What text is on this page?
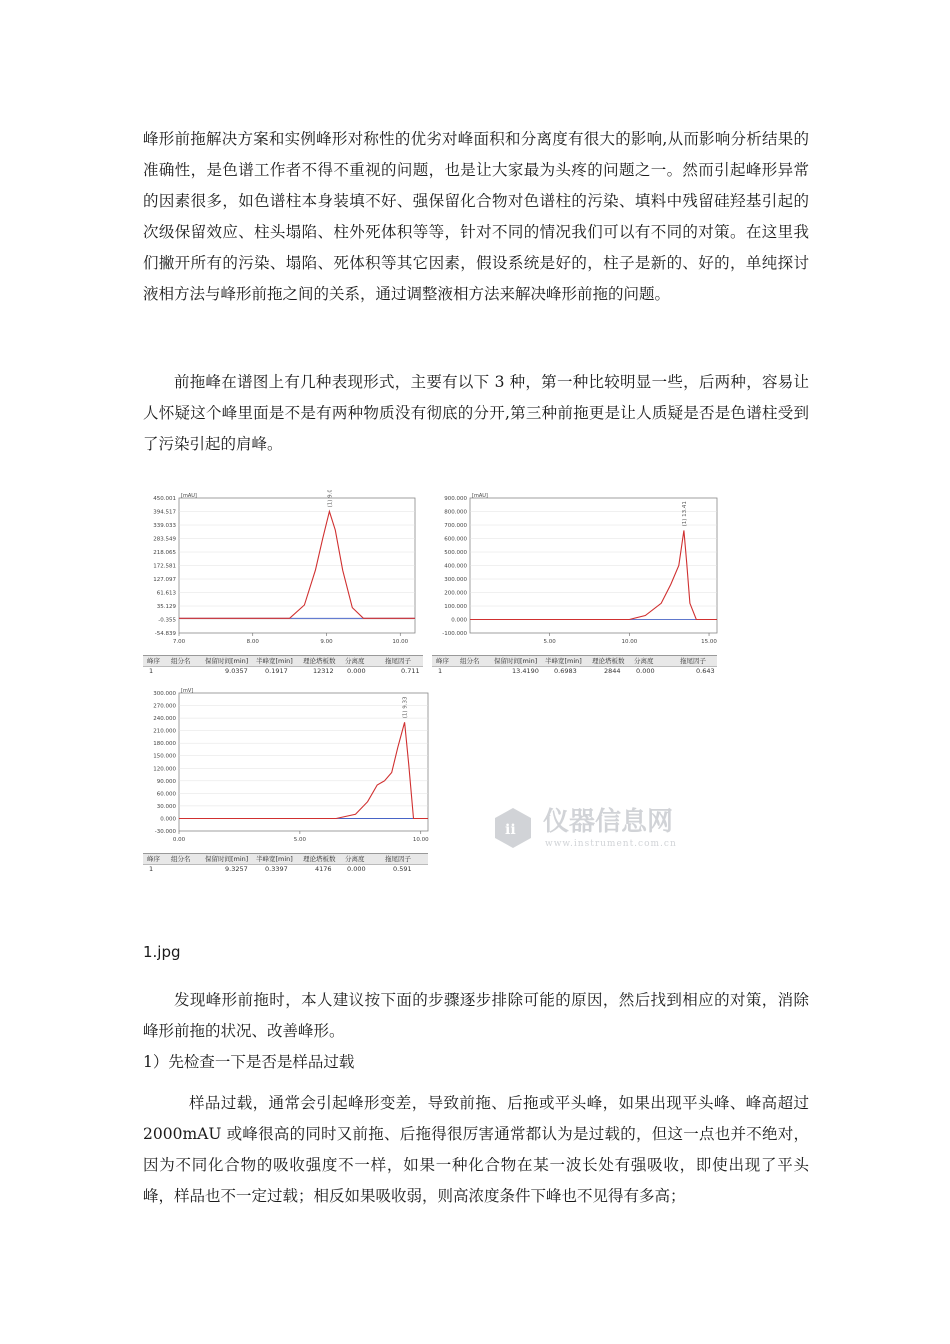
峰形前拖解决方案和实例峰形对称性的优劣对峰面积和分离度有很大的影响,从而影响分析结果的准确性，是色谱工作者不得不重视的问题，也是让大家最为头疼的问题之一。然而引起峰形异常的因素很多，如色谱柱本身装填不好、强保留化合物对色谱柱的污染、填料中残留硅羟基引起的次级保留效应、柱头塌陷、柱外死体积等等，针对不同的情况我们可以有不同的对策。在这里我们撇开所有的污染、塌陷、死体积等其它因素，假设系统是好的，柱子是新的、好的，单纯探讨液相方法与峰形前拖之间的关系，通过调整液相方法来解决峰形前拖的问题。

前拖峰在谱图上有几种表现形式，主要有以下 3 种，第一种比较明显一些，后两种，容易让人怀疑这个峰里面是不是有两种物质没有彻底的分开,第三种前拖更是让人质疑是否是色谱柱受到了污染引起的肩峰。

450.001
394.517
339.033
283.549
218.065
172.581
127.097
61.613
35.129
-0.355
-54.839
7.00	8.00	9.00	10.00
[mAU]	(1) 9.04
峰序 组分名 保留时间[min] 半峰宽[min] 理论塔板数 分离度	拖尾因子
1	9.0357	0.1917	12312 0.000	0.711
900.000
800.000
700.000
600.000
500.000
400.000
300.000
200.000
100.000
0.000
-100.000
5.00	10.00	15.00
[mAU]
(1) 13.41
峰序 组分名 保留时间[min] 半峰宽[min] 理论塔板数 分离度	拖尾因子
1	13.4190 0.6983	2844 0.000	0.643
300.000
270.000
240.000
210.000
180.000
150.000
120.000
90.000
60.000
30.000
0.000
-30.000
0.00	5.00	10.00
[mV]
(1) 9.33
峰序 组分名 保留时间[min] 半峰宽[min] 理论塔板数 分离度	拖尾因子
1	9.3257	0.3397	4176 0.000	0.591
ii 仪器信息网
www.instrument.com.cn
1.jpg

发现峰形前拖时，本人建议按下面的步骤逐步排除可能的原因，然后找到相应的对策，消除峰形前拖的状况、改善峰形。

1）先检查一下是否是样品过载

样品过载，通常会引起峰形变差，导致前拖、后拖或平头峰，如果出现平头峰、峰高超过 2000mAU 或峰很高的同时又前拖、后拖得很厉害通常都认为是过载的，但这一点也并不绝对，因为不同化合物的吸收强度不一样，如果一种化合物在某一波长处有强吸收，即使出现了平头峰，样品也不一定过载；相反如果吸收弱，则高浓度条件下峰也不见得有多高；
